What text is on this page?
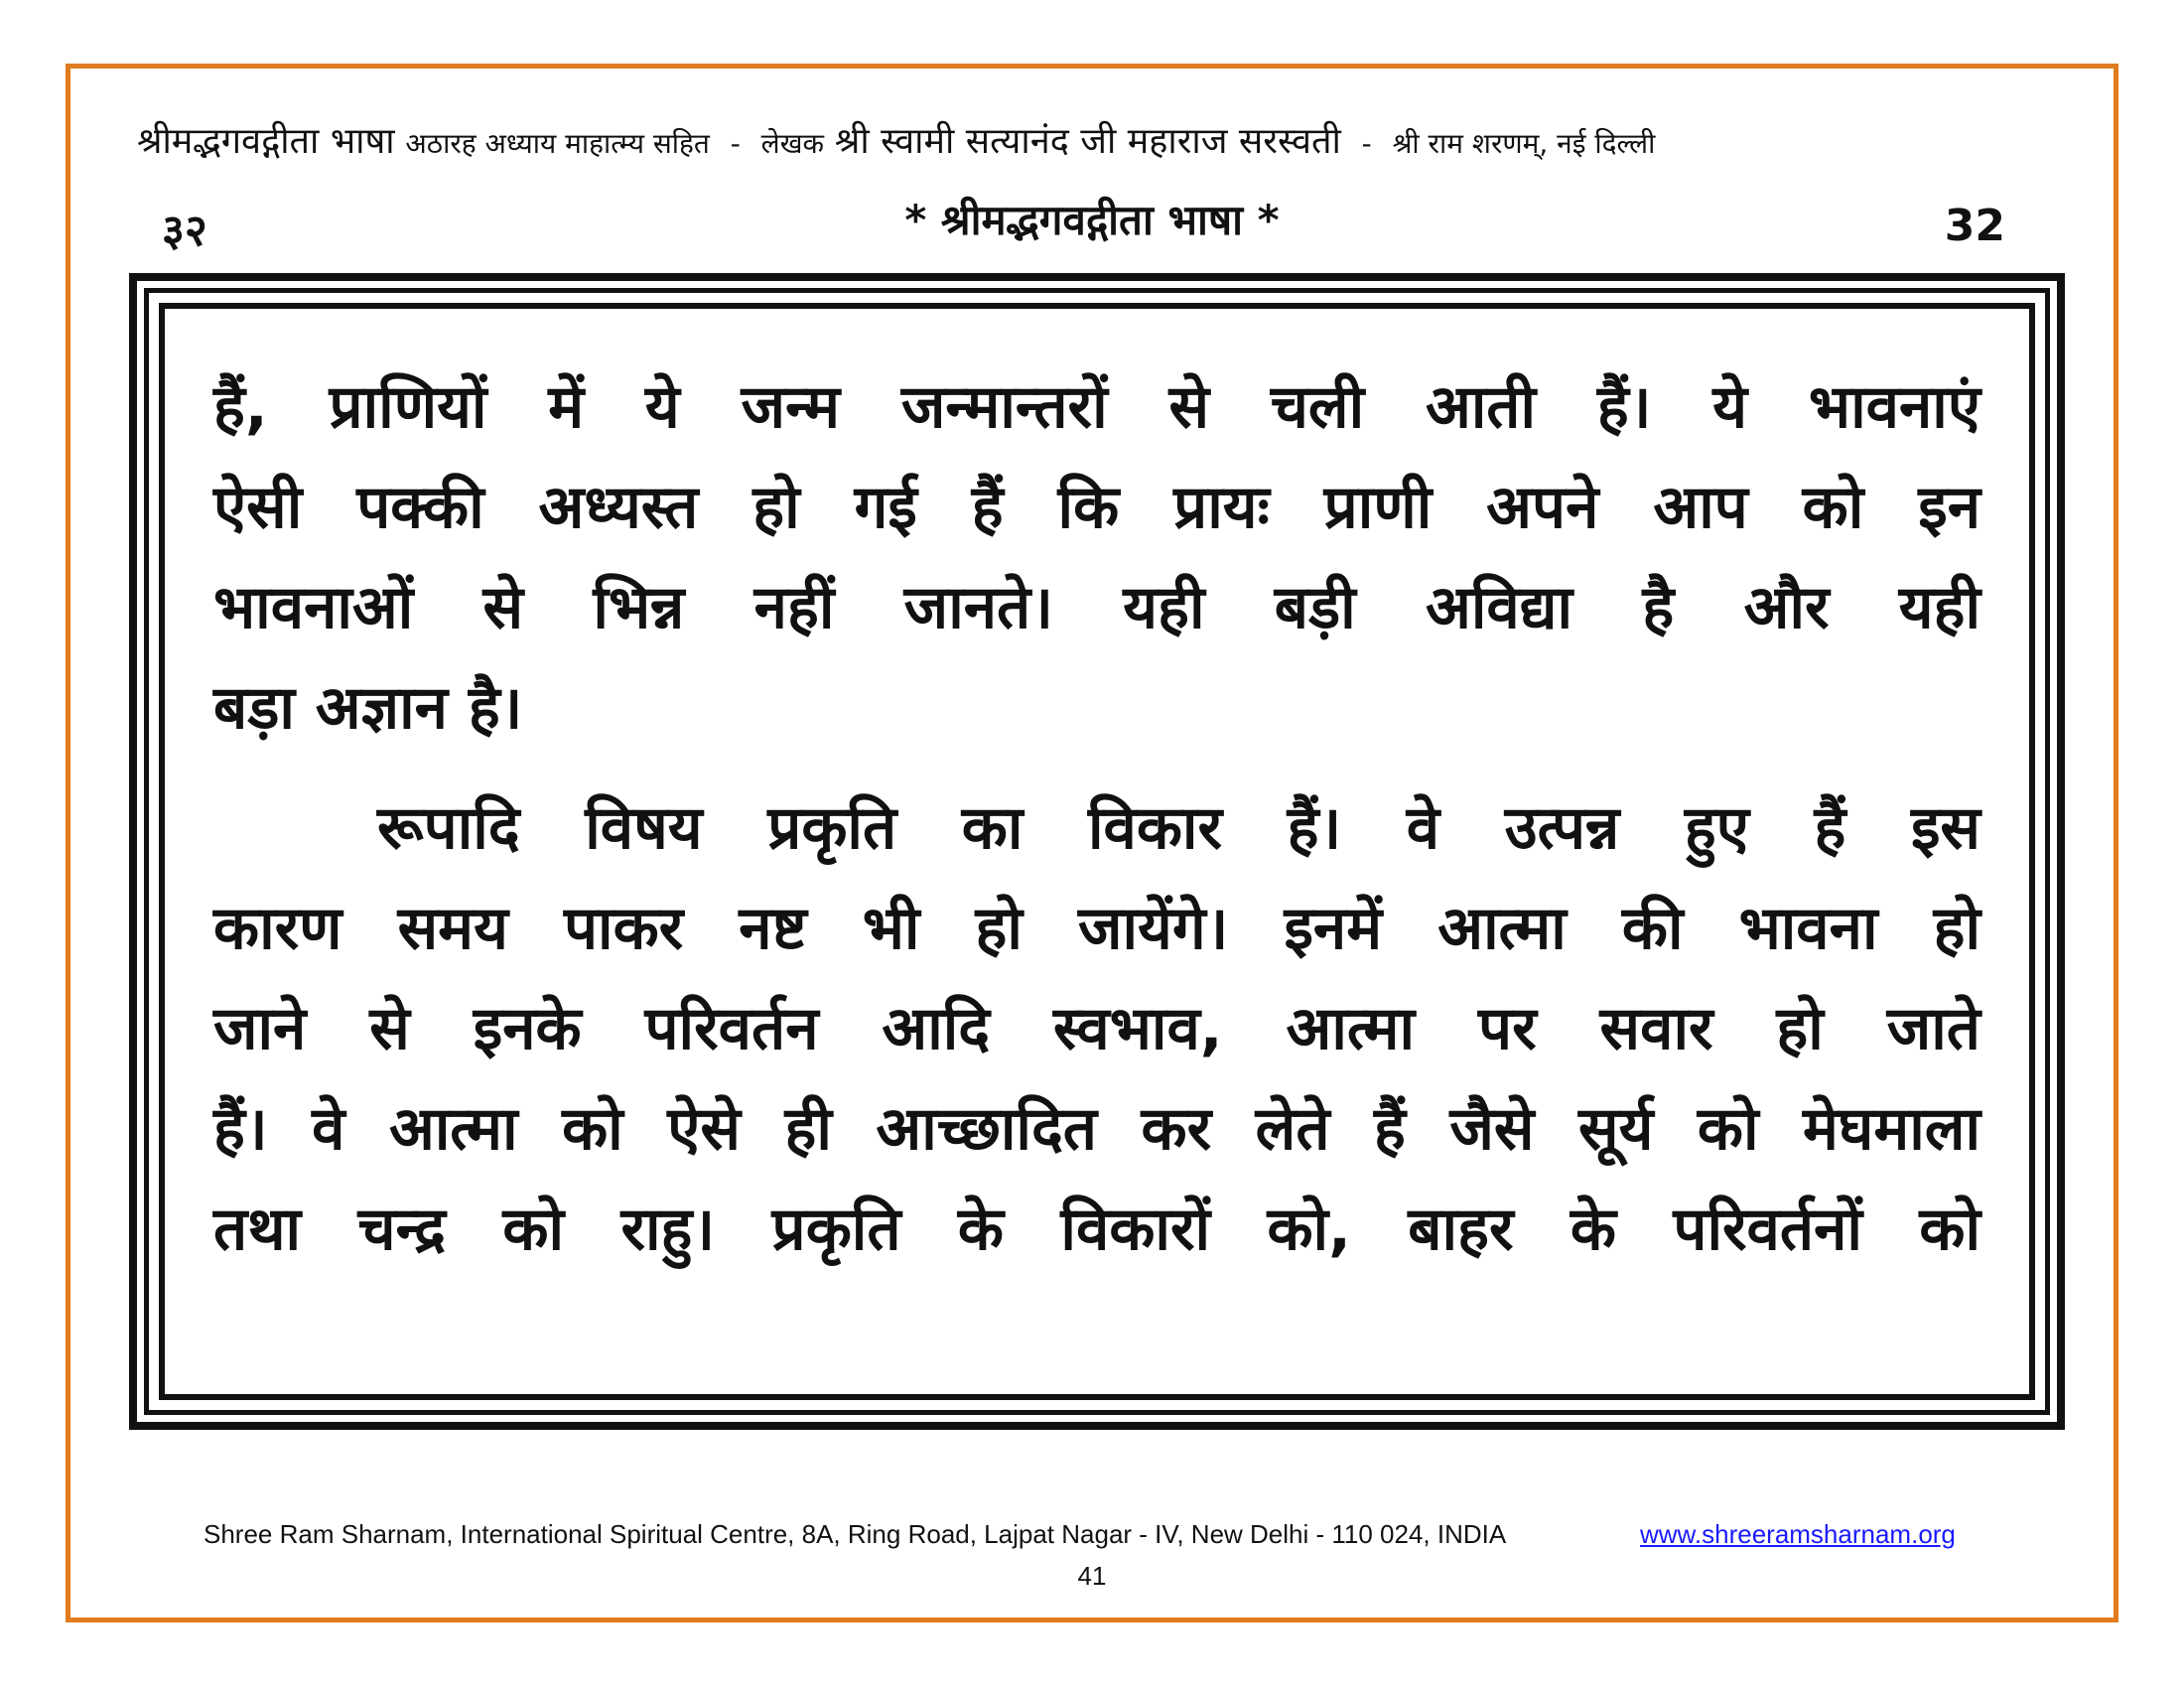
श्रीमद्भगवद्गीता भाषा अठारह अध्याय माहात्म्य सहित - लेखक श्री स्वामी सत्यानंद जी महाराज सरस्वती - श्री राम शरणम्, नई दिल्ली
३२	* श्रीमद्भगवद्गीता भाषा *	32
हैं, प्राणियों में ये जन्म जन्मान्तरों से चली आती हैं। ये भावनाएं
ऐसी पक्की अध्यस्त हो गई हैं कि प्रायः प्राणी अपने आप को इन
भावनाओं से भिन्न नहीं जानते। यही बड़ी अविद्या है और यही
बड़ा अज्ञान है।
रूपादि विषय प्रकृति का विकार हैं। वे उत्पन्न हुए हैं इस
कारण समय पाकर नष्ट भी हो जायेंगे। इनमें आत्मा की भावना हो
जाने से इनके परिवर्तन आदि स्वभाव, आत्मा पर सवार हो जाते
हैं। वे आत्मा को ऐसे ही आच्छादित कर लेते हैं जैसे सूर्य को मेघमाला
तथा चन्द्र को राहु। प्रकृति के विकारों को, बाहर के परिवर्तनों को
Shree Ram Sharnam, International Spiritual Centre, 8A, Ring Road, Lajpat Nagar - IV, New Delhi - 110 024, INDIA	www.shreeramsharnam.org
41
